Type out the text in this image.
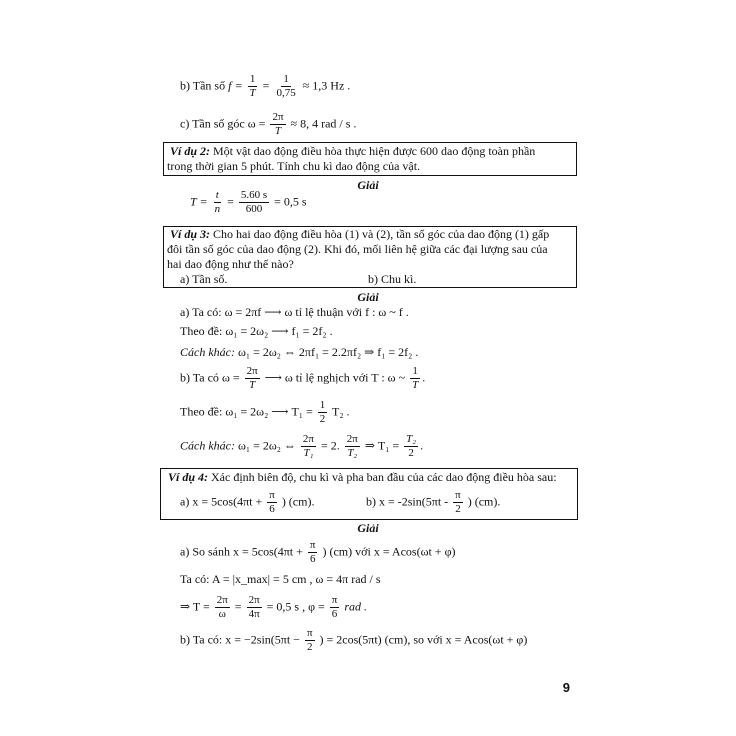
b) Tần số $f = \frac{1}{T} = \frac{1}{0,75} \approx 1,3$ Hz .
c) Tần số góc $\omega = \frac{2\pi}{T} \approx 8$, 4 rad / s .
Ví dụ 2: Một vật dao động điều hòa thực hiện được 600 dao động toàn phần
trong thời gian 5 phút. Tính chu kì dao động của vật.
Giải
$T = \frac{t}{n} = \frac{5.60 s}{600} = 0,5$ s
Ví dụ 3: Cho hai dao động điều hòa (1) và (2), tần số góc của dao động (1) gấp
đôi tần số góc của dao động (2). Khi đó, mối liên hệ giữa các đại lượng sau của
hai dao động như thế nào?
a) Tần số.	b) Chu kì.
Giải
a) Ta có: ω = 2πf ⟶ ω tỉ lệ thuận với f : ω ~ f .
Theo đề: ω₁ = 2ω₂ ⟶ f₁ = 2f₂ .
Cách khác: ω₁ = 2ω₂ ⇔ 2πf₁ = 2.2πf₂ ⇒ f₁ = 2f₂ .
b) Ta có $\omega = \frac{2\pi}{T}$ ⟶ ω tỉ lệ nghịch với T : ω ~ $\frac{1}{T}$ .
Theo đề: ω₁ = 2ω₂ ⟶ $T_1 = \frac{1}{2} T_2$ .
Cách khác: ω₁ = 2ω₂ ⇔ $\frac{2\pi}{\text{T₁}} = 2$. $\frac{2\pi}{\text{T₂}}$ ⇒ $T_1 = \frac{\text{T₂}}{2}$ .
Ví dụ 4: Xác định biên độ, chu kì và pha ban đầu của các dao động điều hòa sau:
a) $x = 5\cos(4\pi t + \frac{\pi}{6}$ ) (cm).	b) $x = -2\sin(5\pi t - \frac{\pi}{2}$ ) (cm).
Giải
a) So sánh $x = 5\cos(4\pi t + \frac{\pi}{6}$ ) (cm) với x = Acos(ωt + φ)
Ta có: A = |x_max| = 5 cm , ω = 4π rad / s
⇒ $T = \frac{2\pi}{\omega} = \frac{2\pi}{4\pi} = 0,5$ s , $\varphi = \frac{\pi}{6}$ rad .
b) Ta có: $x = -2\sin(5\pi t - \frac{\pi}{2}$ ) = 2cos(5πt) (cm), so với x = Acos(ωt + φ)
9
